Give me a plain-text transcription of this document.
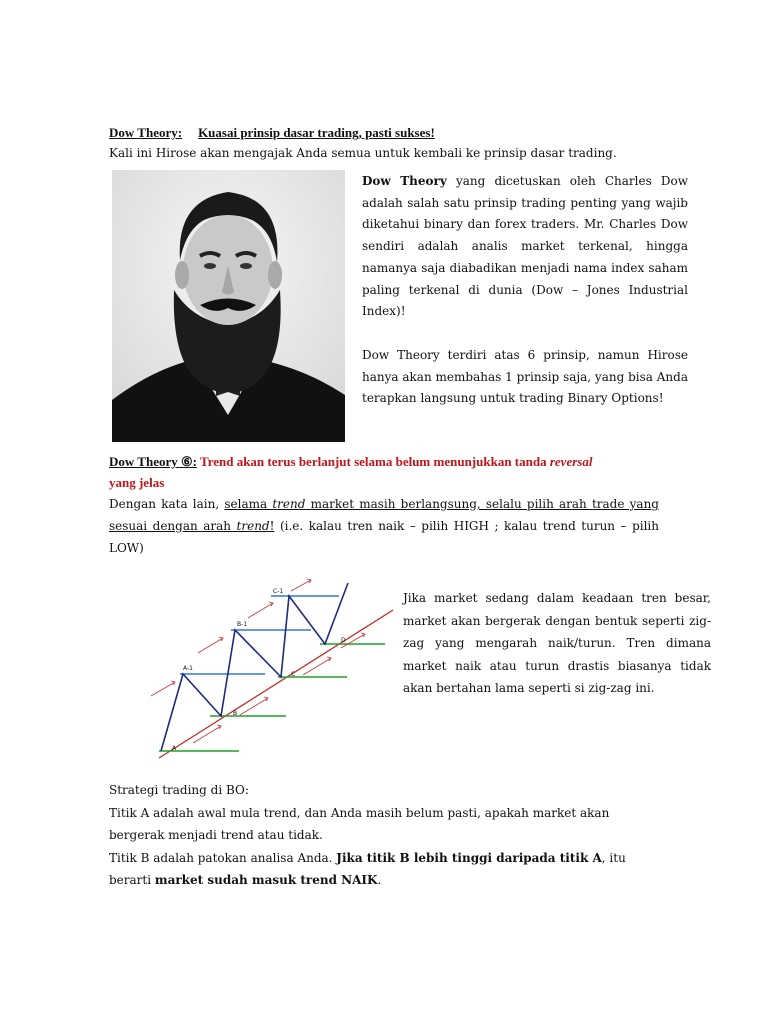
Dow Theory: Kuasai prinsip dasar trading, pasti sukses!
Kali ini Hirose akan mengajak Anda semua untuk kembali ke prinsip dasar trading.
Dow Theory yang dicetuskan oleh Charles Dow adalah salah satu prinsip trading penting yang wajib diketahui binary dan forex traders. Mr. Charles Dow sendiri adalah analis market terkenal, hingga namanya saja diabadikan menjadi nama index saham paling terkenal di dunia (Dow – Jones Industrial Index)!
Dow Theory terdiri atas 6 prinsip, namun Hirose hanya akan membahas 1 prinsip saja, yang bisa Anda terapkan langsung untuk trading Binary Options!
Dow Theory ⑥: Trend akan terus berlanjut selama belum menunjukkan tanda reversal
yang jelas
Dengan kata lain, selama trend market masih berlangsung, selalu pilih arah trade yang sesuai dengan arah trend! (i.e. kalau tren naik – pilih HIGH ; kalau trend turun – pilih LOW)
A
B
C
D
A-1
B-1
C-1	Jika market sedang dalam keadaan tren besar, market akan bergerak dengan bentuk seperti zig-zag yang mengarah naik/turun. Tren dimana market naik atau turun drastis biasanya tidak akan bertahan lama seperti si zig-zag ini.

Strategi trading di BO:

Titik A adalah awal mula trend, dan Anda masih belum pasti, apakah market akan bergerak menjadi trend atau tidak.

Titik B adalah patokan analisa Anda. Jika titik B lebih tinggi daripada titik A, itu berarti market sudah masuk trend NAIK.
